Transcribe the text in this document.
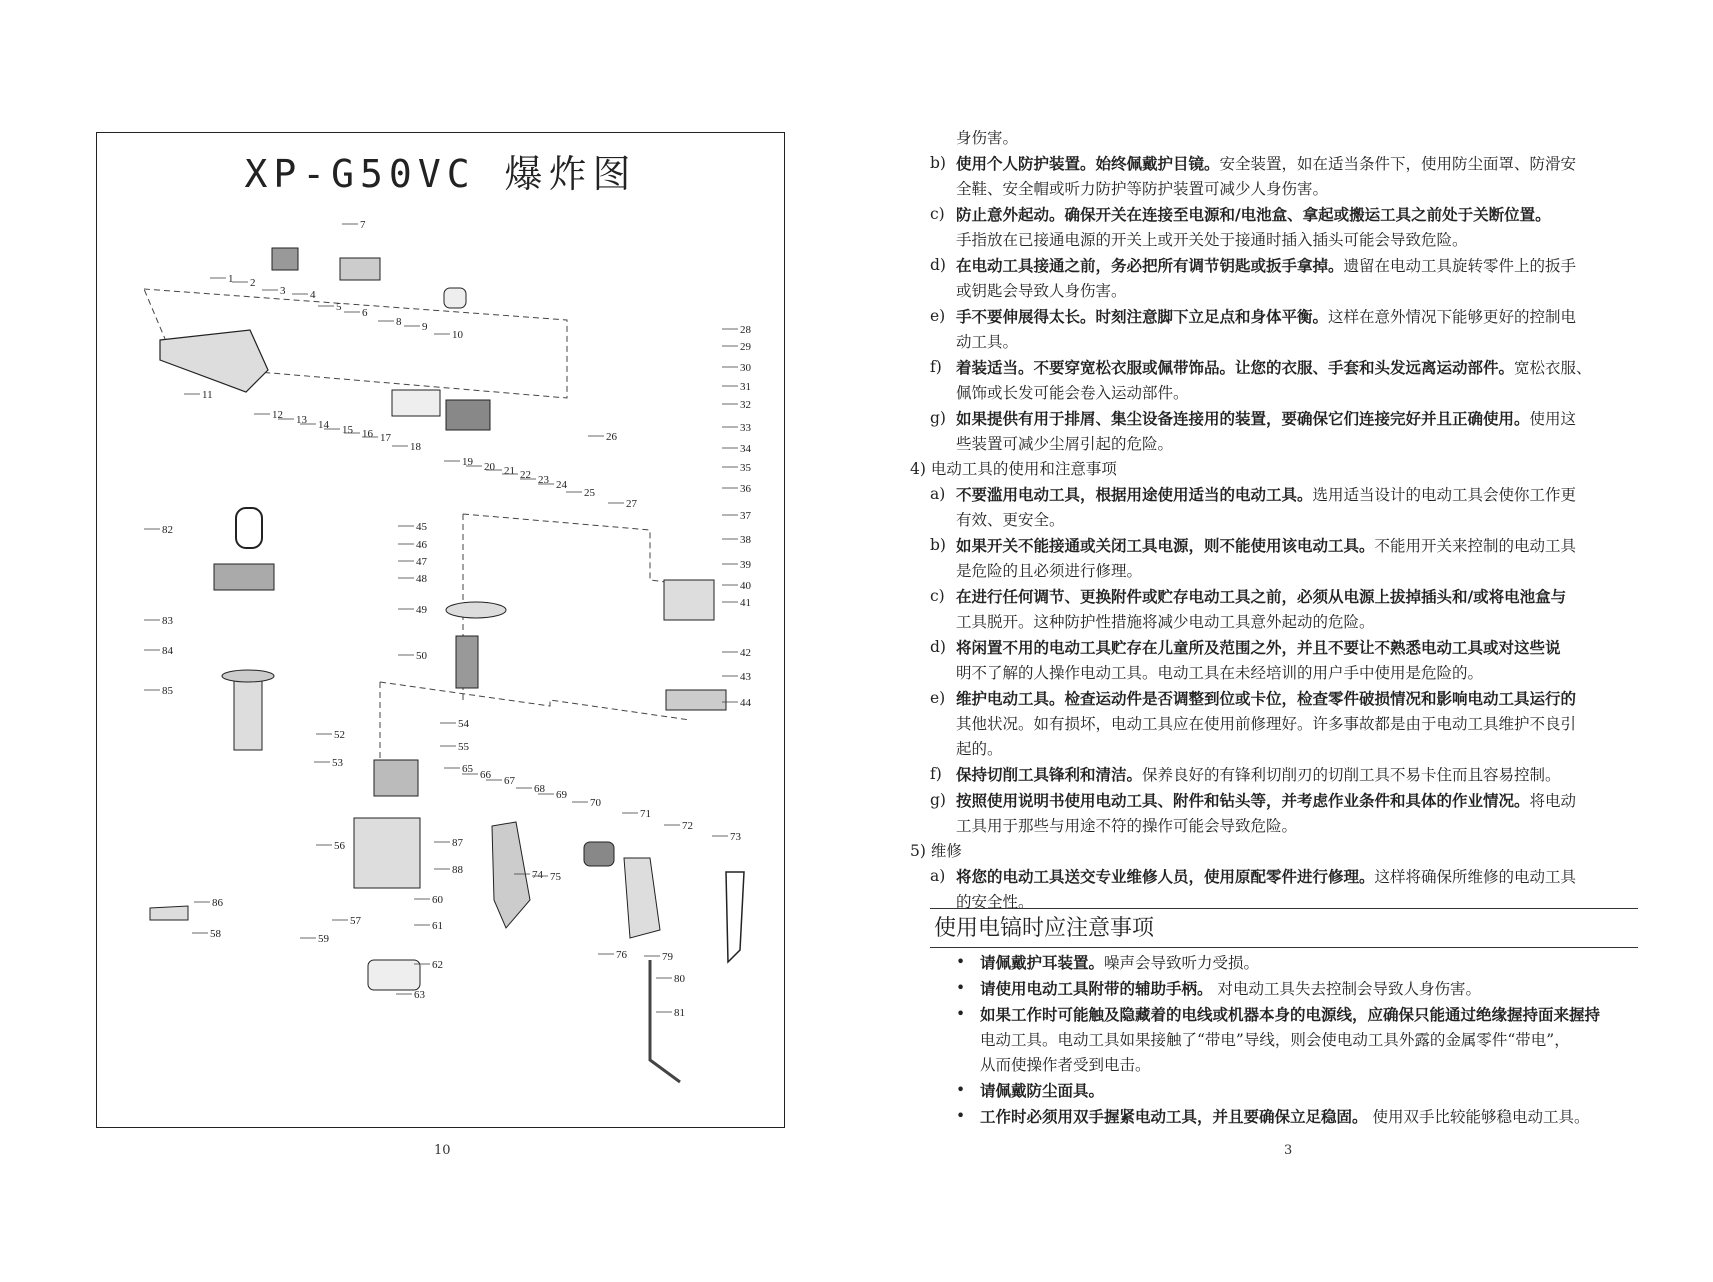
XP-G50VC 爆炸图
1 2
3 4
5 6
7
8 9
10
11
12 13 14 15 16 17
18
19 20 21 22 23 24
25
26
27
28
29
30
31
32
33
34
35
36
37
38
39
40
41
42
43
44
45
46
47
48
49
50
52
53
54
55
56
57
58	59
60
61
62
63
65 66 67
68 69
70
71
72
73
74 75
76	79
80
81
82
83
84
85
86
87
88
10
身伤害。
b) 使用个人防护装置。始终佩戴护目镜。安全装置，如在适当条件下，使用防尘面罩、防滑安
全鞋、安全帽或听力防护等防护装置可减少人身伤害。
c) 防止意外起动。确保开关在连接至电源和/电池盒、拿起或搬运工具之前处于关断位置。
手指放在已接通电源的开关上或开关处于接通时插入插头可能会导致危险。
d) 在电动工具接通之前，务必把所有调节钥匙或扳手拿掉。遗留在电动工具旋转零件上的扳手
或钥匙会导致人身伤害。
e) 手不要伸展得太长。时刻注意脚下立足点和身体平衡。这样在意外情况下能够更好的控制电
动工具。
f) 着装适当。不要穿宽松衣服或佩带饰品。让您的衣服、手套和头发远离运动部件。宽松衣服、
佩饰或长发可能会卷入运动部件。
g) 如果提供有用于排屑、集尘设备连接用的装置，要确保它们连接完好并且正确使用。使用这
些装置可减少尘屑引起的危险。
4) 电动工具的使用和注意事项
a) 不要滥用电动工具，根据用途使用适当的电动工具。选用适当设计的电动工具会使你工作更
有效、更安全。
b) 如果开关不能接通或关闭工具电源，则不能使用该电动工具。不能用开关来控制的电动工具
是危险的且必须进行修理。
c) 在进行任何调节、更换附件或贮存电动工具之前，必须从电源上拔掉插头和/或将电池盒与
工具脱开。这种防护性措施将减少电动工具意外起动的危险。
d) 将闲置不用的电动工具贮存在儿童所及范围之外，并且不要让不熟悉电动工具或对这些说
明不了解的人操作电动工具。电动工具在未经培训的用户手中使用是危险的。
e) 维护电动工具。检查运动件是否调整到位或卡位，检查零件破损情况和影响电动工具运行的
其他状况。如有损坏，电动工具应在使用前修理好。许多事故都是由于电动工具维护不良引
起的。
f) 保持切削工具锋利和清洁。保养良好的有锋利切削刃的切削工具不易卡住而且容易控制。
g) 按照使用说明书使用电动工具、附件和钻头等，并考虑作业条件和具体的作业情况。将电动
工具用于那些与用途不符的操作可能会导致危险。
5) 维修
a) 将您的电动工具送交专业维修人员，使用原配零件进行修理。这样将确保所维修的电动工具
的安全性。
使用电镐时应注意事项
• 请佩戴护耳装置。噪声会导致听力受损。
• 请使用电动工具附带的辅助手柄。 对电动工具失去控制会导致人身伤害。
• 如果工作时可能触及隐藏着的电线或机器本身的电源线，应确保只能通过绝缘握持面来握持
电动工具。电动工具如果接触了“带电”导线，则会使电动工具外露的金属零件“带电”，
从而使操作者受到电击。
• 请佩戴防尘面具。
• 工作时必须用双手握紧电动工具，并且要确保立足稳固。 使用双手比较能够稳电动工具。
3
